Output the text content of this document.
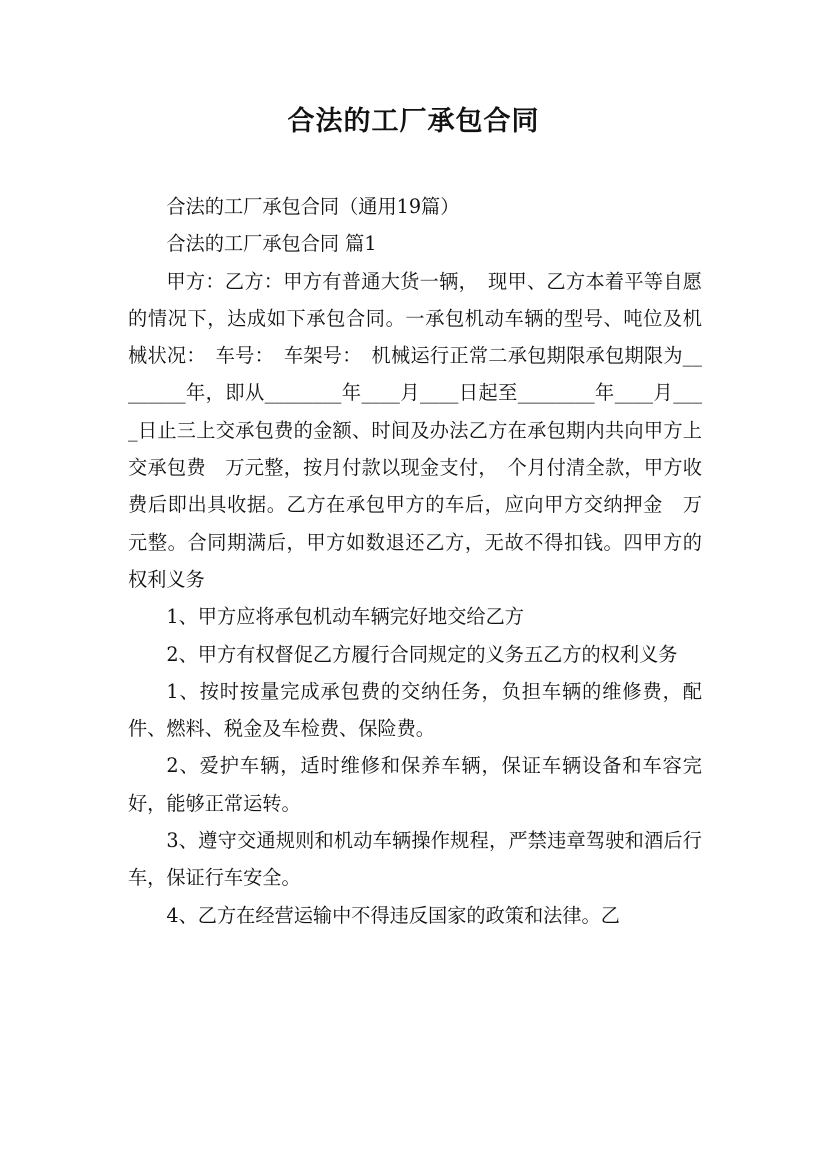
合法的工厂承包合同

合法的工厂承包合同（通用19篇）

合法的工厂承包合同 篇1

甲方：乙方：甲方有普通大货一辆，　现甲、乙方本着平等自愿的情况下，达成如下承包合同。一承包机动车辆的型号、吨位及机械状况：　车号：　车架号：　机械运行正常二承包期限承包期限为________年，即从________年____月____日起至________年____月____日止三上交承包费的金额、时间及办法乙方在承包期内共向甲方上交承包费　万元整，按月付款以现金支付，　个月付清全款，甲方收费后即出具收据。乙方在承包甲方的车后，应向甲方交纳押金　万元整。合同期满后，甲方如数退还乙方，无故不得扣钱。四甲方的权利义务

1、甲方应将承包机动车辆完好地交给乙方

2、甲方有权督促乙方履行合同规定的义务五乙方的权利义务

1、按时按量完成承包费的交纳任务，负担车辆的维修费，配件、燃料、税金及车检费、保险费。

2、爱护车辆，适时维修和保养车辆，保证车辆设备和车容完好，能够正常运转。

3、遵守交通规则和机动车辆操作规程，严禁违章驾驶和酒后行车，保证行车安全。

4、乙方在经营运输中不得违反国家的政策和法律。乙
